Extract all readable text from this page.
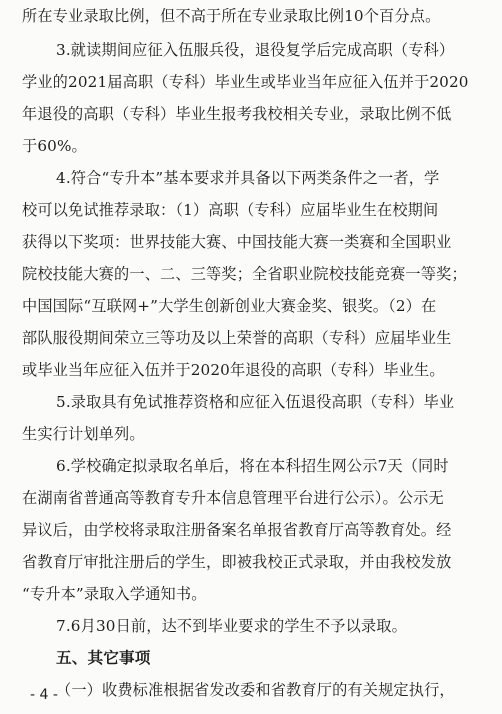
所在专业录取比例，但不高于所在专业录取比例10个百分点。
3.就读期间应征入伍服兵役，退役复学后完成高职（专科）
学业的2021届高职（专科）毕业生或毕业当年应征入伍并于2020
年退役的高职（专科）毕业生报考我校相关专业，录取比例不低
于60%。
4.符合“专升本”基本要求并具备以下两类条件之一者，学
校可以免试推荐录取：（1）高职（专科）应届毕业生在校期间
获得以下奖项：世界技能大赛、中国技能大赛一类赛和全国职业
院校技能大赛的一、二、三等奖；全省职业院校技能竞赛一等奖；
中国国际“互联网+”大学生创新创业大赛金奖、银奖。（2）在
部队服役期间荣立三等功及以上荣誉的高职（专科）应届毕业生
或毕业当年应征入伍并于2020年退役的高职（专科）毕业生。
5.录取具有免试推荐资格和应征入伍退役高职（专科）毕业
生实行计划单列。
6.学校确定拟录取名单后，将在本科招生网公示7天（同时
在湖南省普通高等教育专升本信息管理平台进行公示）。公示无
异议后，由学校将录取注册备案名单报省教育厅高等教育处。经
省教育厅审批注册后的学生，即被我校正式录取，并由我校发放
“专升本”录取入学通知书。
7.6月30日前，达不到毕业要求的学生不予以录取。
五、其它事项
（一）收费标准根据省发改委和省教育厅的有关规定执行，
- 4 -
